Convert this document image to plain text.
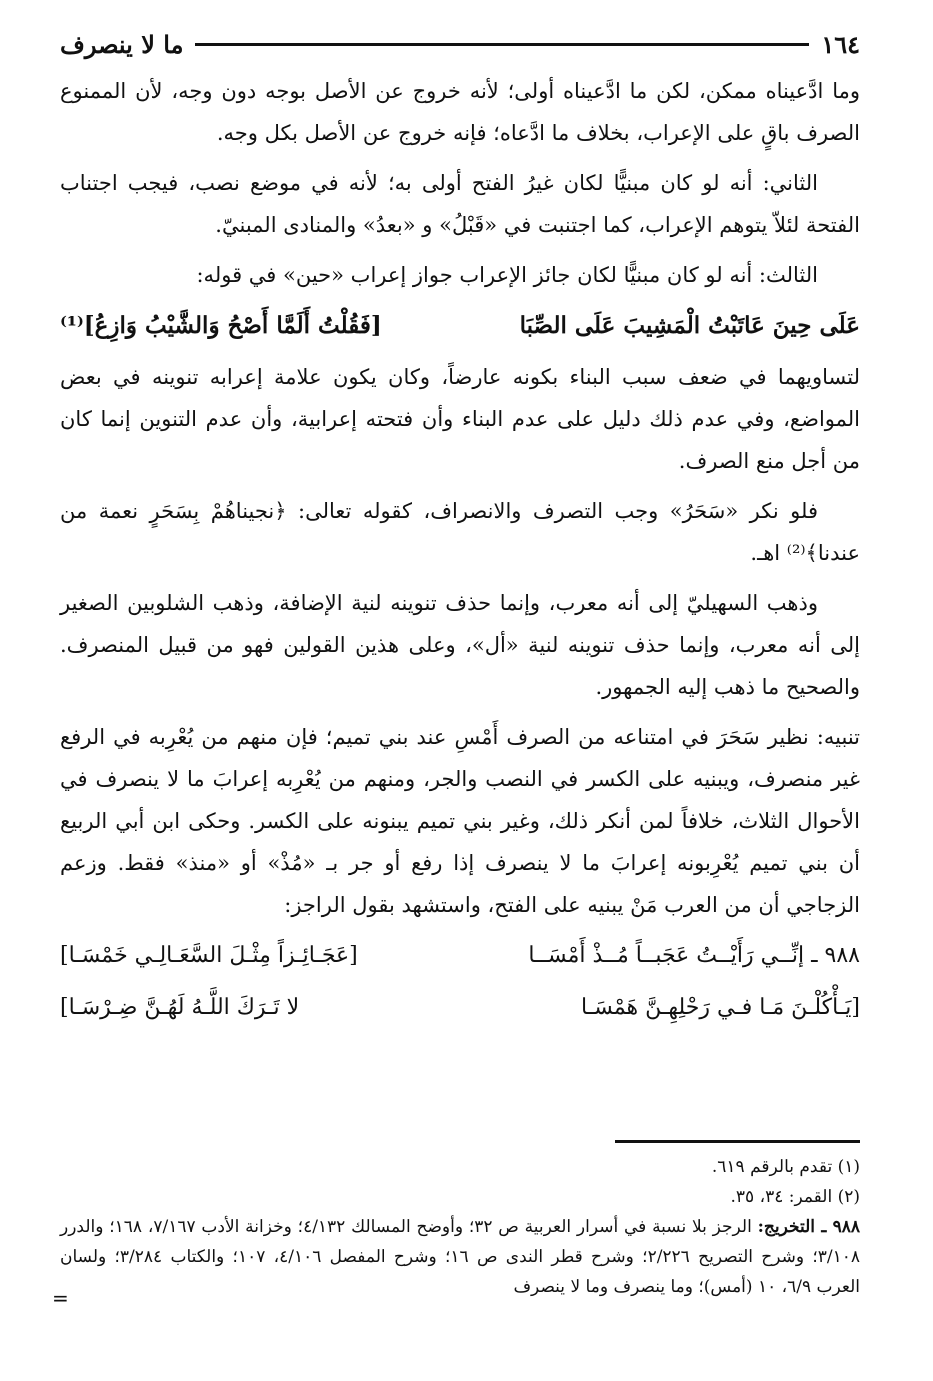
١٦٤
ما لا ينصرف

وما ادَّعيناه ممكن، لكن ما ادَّعيناه أولى؛ لأنه خروج عن الأصل بوجه دون وجه، لأن الممنوع الصرف باقٍ على الإعراب، بخلاف ما ادَّعاه؛ فإنه خروج عن الأصل بكل وجه.

الثاني: أنه لو كان مبنيًّا لكان غيرُ الفتح أولى به؛ لأنه في موضع نصب، فيجب اجتناب الفتحة لئلاّ يتوهم الإعراب، كما اجتنبت في «قَبْلُ» و «بعدُ» والمنادى المبنيّ.

الثالث: أنه لو كان مبنيًّا لكان جائز الإعراب جواز إعراب «حين» في قوله:

عَلَى حِينَ عَاتَبْتُ الْمَشِيبَ عَلَى الصِّبَا
[فَقُلْتُ أَلَمَّا أَصْحُ وَالشَّيْبُ وَازِعُ]⁽¹⁾

لتساويهما في ضعف سبب البناء بكونه عارضاً، وكان يكون علامة إعرابه تنوينه في بعض المواضع، وفي عدم ذلك دليل على عدم البناء وأن فتحته إعرابية، وأن عدم التنوين إنما كان من أجل منع الصرف.

فلو نكر «سَحَرُ» وجب التصرف والانصراف، كقوله تعالى: ﴿نجيناهُمْ بِسَحَرٍ نعمة من عندنا﴾⁽²⁾ اهـ.

وذهب السهيليّ إلى أنه معرب، وإنما حذف تنوينه لنية الإضافة، وذهب الشلوبين الصغير إلى أنه معرب، وإنما حذف تنوينه لنية «أل»، وعلى هذين القولين فهو من قبيل المنصرف. والصحيح ما ذهب إليه الجمهور.

تنبيه: نظير سَحَرَ في امتناعه من الصرف أَمْسِ عند بني تميم؛ فإن منهم من يُعْرِبه في الرفع غير منصرف، ويبنيه على الكسر في النصب والجر، ومنهم من يُعْرِبه إعرابَ ما لا ينصرف في الأحوال الثلاث، خلافاً لمن أنكر ذلك، وغير بني تميم يبنونه على الكسر. وحكى ابن أبي الربيع أن بني تميم يُعْرِبونه إعرابَ ما لا ينصرف إذا رفع أو جر بـ «مُذْ» أو «منذ» فقط. وزعم الزجاجي أن من العرب مَنْ يبنيه على الفتح، واستشهد بقول الراجز:

٩٨٨ ـ إنِّــي رَأَيْــتُ عَجَبــاً مُــذْ أَمْسَــا
[عَجَـائِـزاً مِثْـلَ السَّعَـالِـي خَمْسَـا]
[يَـأْكُلْـنَ مَـا فـي رَحْلِهِـنَّ هَمْسَـا
لا تَـرَكَ اللَّـهُ لَهُـنَّ ضِـرْسَـا]

(١) تقدم بالرقم ٦١٩.

(٢) القمر: ٣٤، ٣٥.

٩٨٨ ـ التخريج: الرجز بلا نسبة في أسرار العربية ص ٣٢؛ وأوضح المسالك ٤/١٣٢؛ وخزانة الأدب ٧/١٦٧، ١٦٨؛ والدرر ٣/١٠٨؛ وشرح التصريح ٢/٢٢٦؛ وشرح قطر الندى ص ١٦؛ وشرح المفصل ٤/١٠٦، ١٠٧؛ والكتاب ٣/٢٨٤؛ ولسان العرب ٦/٩، ١٠ (أمس)؛ وما ينصرف وما لا ينصرف
=
